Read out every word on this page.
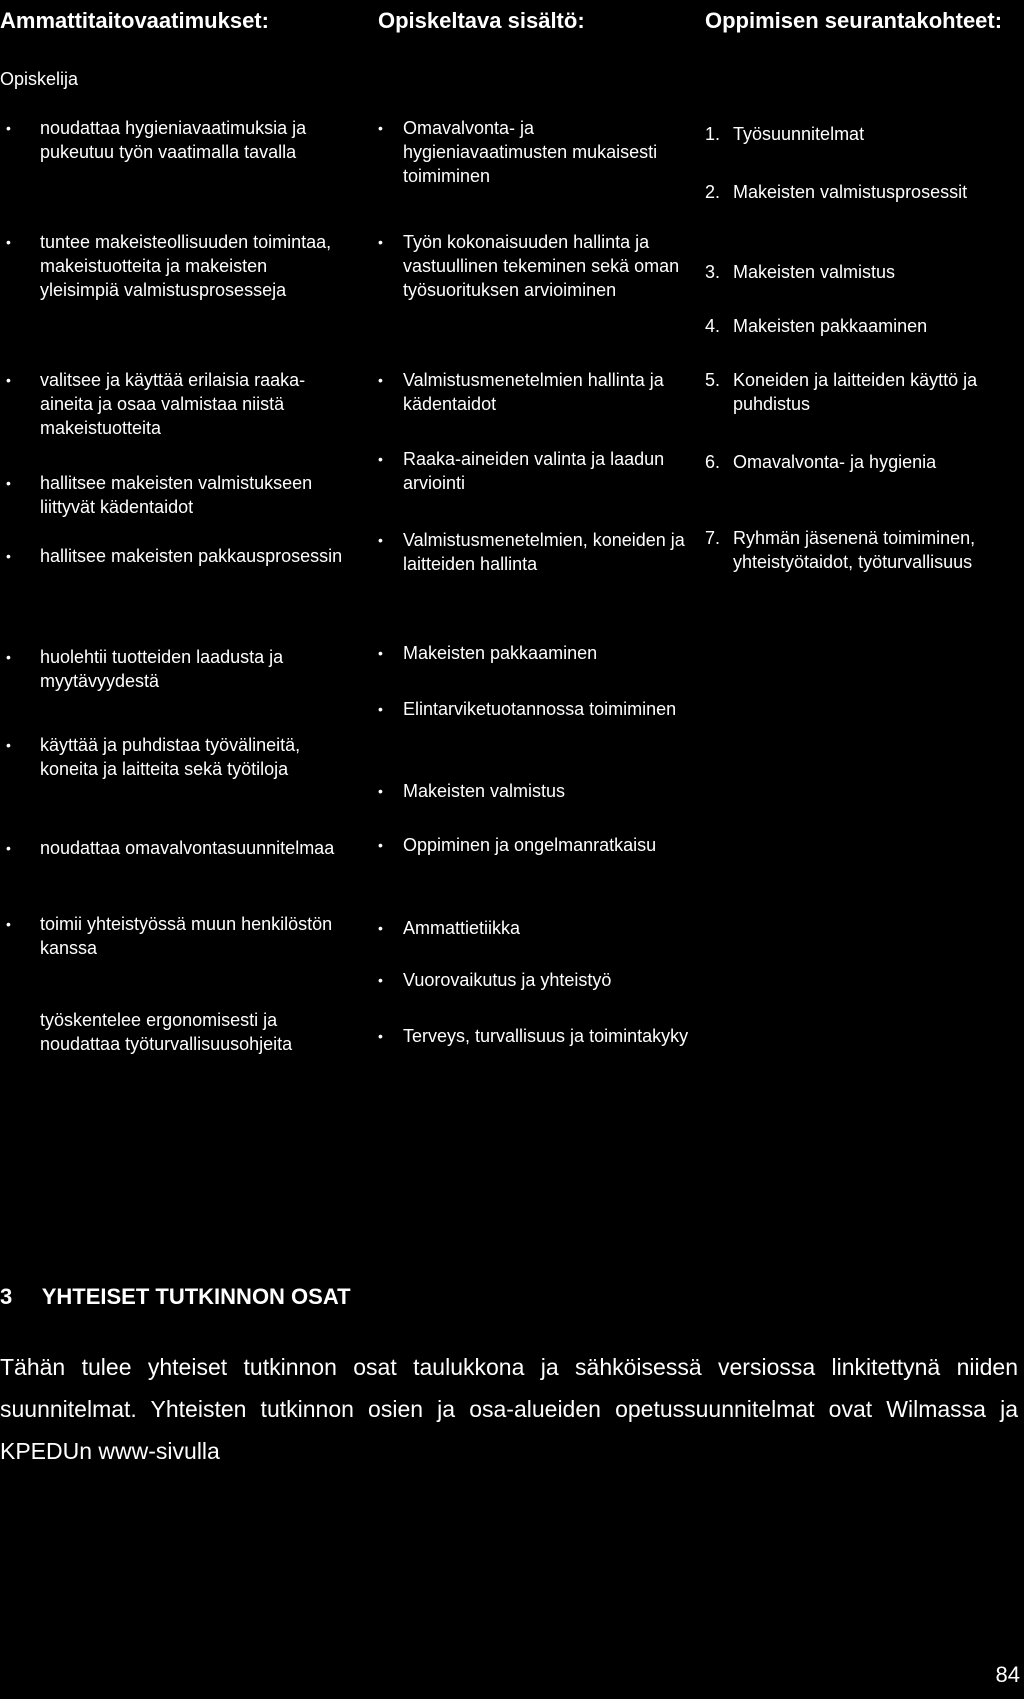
Ammattitaitovaatimukset:	Opiskeltava sisältö:	Oppimisen seurantakohteet:
Opiskelija
• noudattaa hygieniavaatimuksia ja pukeutuu työn vaatimalla tavalla
• tuntee makeisteollisuuden toimintaa, makeistuotteita ja makeisten yleisimpiä valmistusprosesseja
• valitsee ja käyttää erilaisia raaka-aineita ja osaa valmistaa niistä makeistuotteita
• hallitsee makeisten valmistukseen liittyvät kädentaidot
• hallitsee makeisten pakkausprosessin
• huolehtii tuotteiden laadusta ja myytävyydestä
• käyttää ja puhdistaa työvälineitä, koneita ja laitteita sekä työtiloja
• noudattaa omavalvontasuunnitelmaa
• toimii yhteistyössä muun henkilöstön kanssa
työskentelee ergonomisesti ja noudattaa työturvallisuusohjeita
• Omavalvonta- ja hygieniavaatimusten mukaisesti toimiminen
• Työn kokonaisuuden hallinta ja vastuullinen tekeminen sekä oman työsuorituksen arvioiminen
• Valmistusmenetelmien hallinta ja kädentaidot
• Raaka-aineiden valinta ja laadun arviointi
• Valmistusmenetelmien, koneiden ja laitteiden hallinta
• Makeisten pakkaaminen
• Elintarviketuotannossa toimiminen
• Makeisten valmistus
• Oppiminen ja ongelmanratkaisu
• Ammattietiikka
• Vuorovaikutus ja yhteistyö
• Terveys, turvallisuus ja toimintakyky
1. Työsuunnitelmat
2. Makeisten valmistusprosessit
3. Makeisten valmistus
4. Makeisten pakkaaminen
5. Koneiden ja laitteiden käyttö ja puhdistus
6. Omavalvonta- ja hygienia
7. Ryhmän jäsenenä toimiminen, yhteistyötaidot, työturvallisuus
3 YHTEISET TUTKINNON OSAT
Tähän tulee yhteiset tutkinnon osat taulukkona ja sähköisessä versiossa linkitettynä niiden suunnitelmat. Yhteisten tutkinnon osien ja osa-alueiden opetussuunnitelmat ovat Wilmassa ja KPEDUn www-sivulla
84
